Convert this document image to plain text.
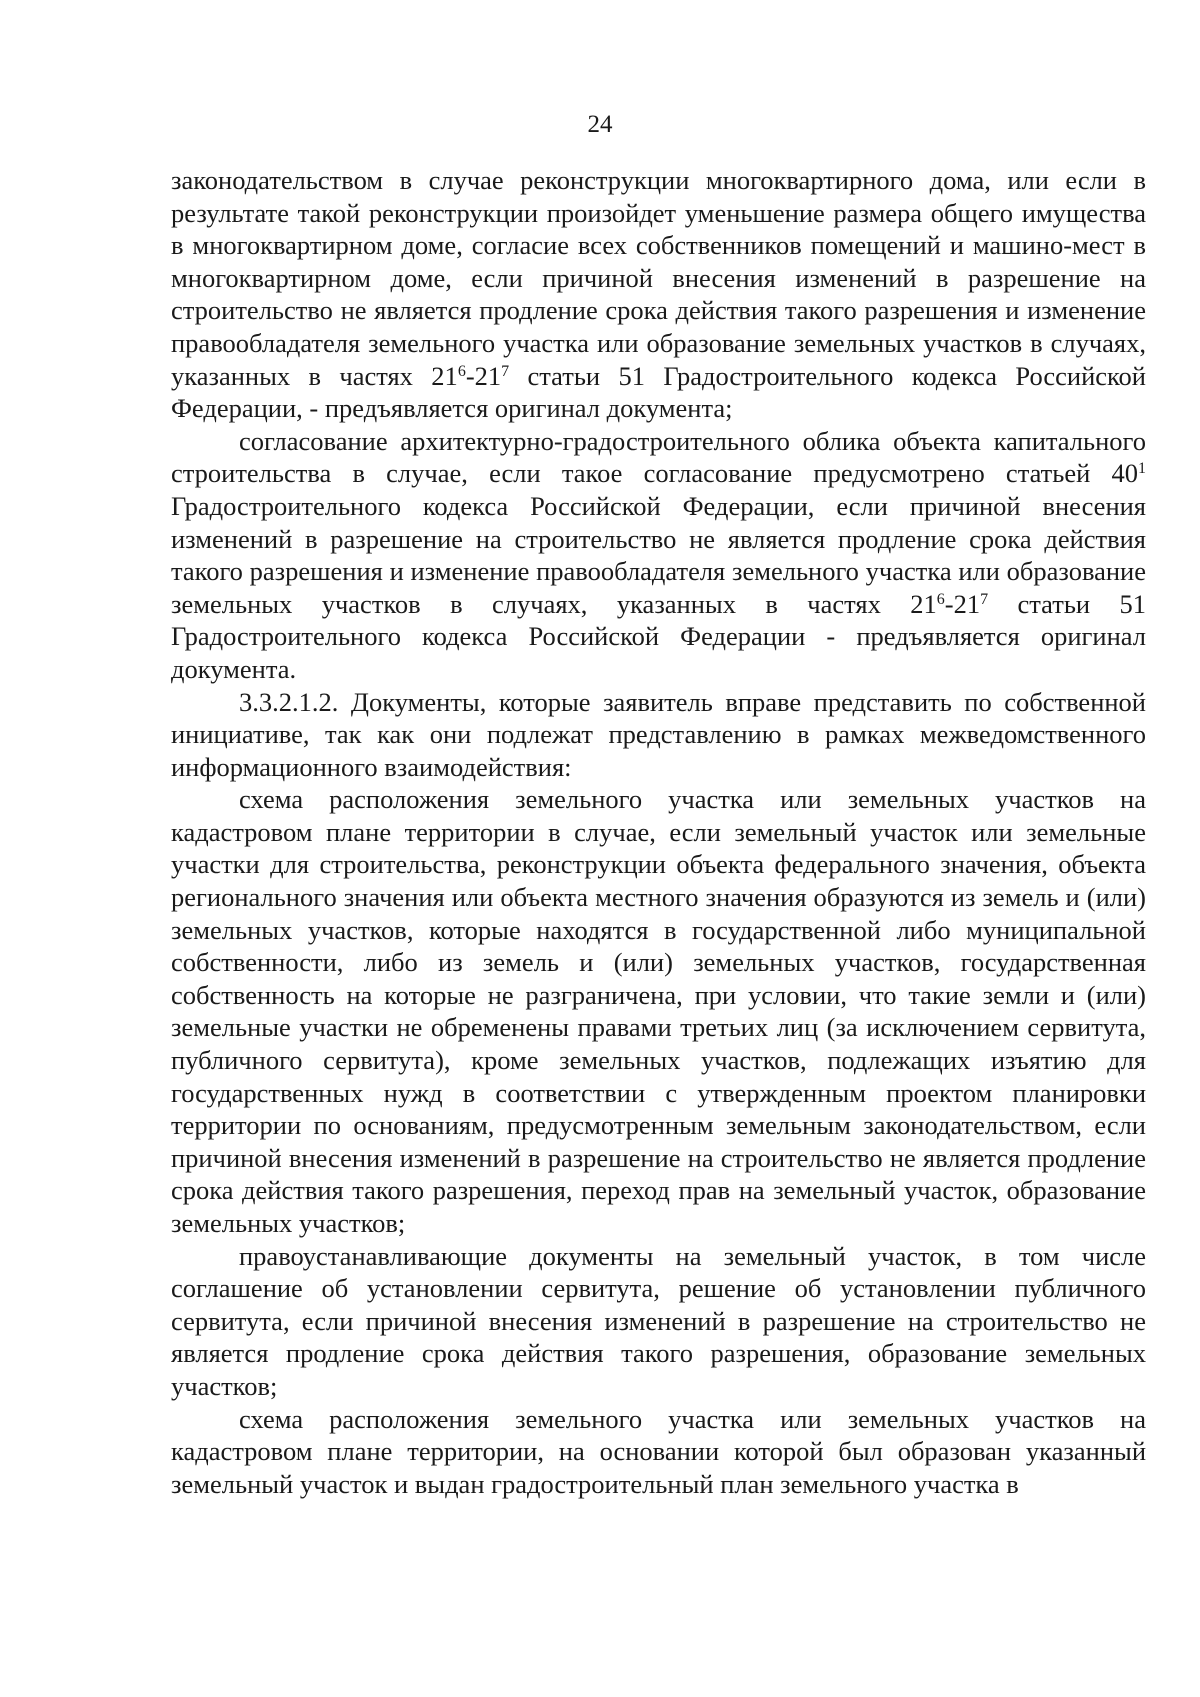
24

законодательством в случае реконструкции многоквартирного дома, или если в результате такой реконструкции произойдет уменьшение размера общего имущества в многоквартирном доме, согласие всех собственников помещений и машино-мест в многоквартирном доме, если причиной внесения изменений в разрешение на строительство не является продление срока действия такого разрешения и изменение правообладателя земельного участка или образование земельных участков в случаях, указанных в частях $21^6-21^7$ статьи 51 Градостроительного кодекса Российской Федерации, - предъявляется оригинал документа;

согласование архитектурно-градостроительного облика объекта капитального строительства в случае, если такое согласование предусмотрено статьей $40^1$ Градостроительного кодекса Российской Федерации, если причиной внесения изменений в разрешение на строительство не является продление срока действия такого разрешения и изменение правообладателя земельного участка или образование земельных участков в случаях, указанных в частях $21^6-21^7$ статьи 51 Градостроительного кодекса Российской Федерации - предъявляется оригинал документа.

3.3.2.1.2. Документы, которые заявитель вправе представить по собственной инициативе, так как они подлежат представлению в рамках межведомственного информационного взаимодействия:

схема расположения земельного участка или земельных участков на кадастровом плане территории в случае, если земельный участок или земельные участки для строительства, реконструкции объекта федерального значения, объекта регионального значения или объекта местного значения образуются из земель и (или) земельных участков, которые находятся в государственной либо муниципальной собственности, либо из земель и (или) земельных участков, государственная собственность на которые не разграничена, при условии, что такие земли и (или) земельные участки не обременены правами третьих лиц (за исключением сервитута, публичного сервитута), кроме земельных участков, подлежащих изъятию для государственных нужд в соответствии с утвержденным проектом планировки территории по основаниям, предусмотренным земельным законодательством, если причиной внесения изменений в разрешение на строительство не является продление срока действия такого разрешения, переход прав на земельный участок, образование земельных участков;

правоустанавливающие документы на земельный участок, в том числе соглашение об установлении сервитута, решение об установлении публичного сервитута, если причиной внесения изменений в разрешение на строительство не является продление срока действия такого разрешения, образование земельных участков;

схема расположения земельного участка или земельных участков на кадастровом плане территории, на основании которой был образован указанный земельный участок и выдан градостроительный план земельного участка в
